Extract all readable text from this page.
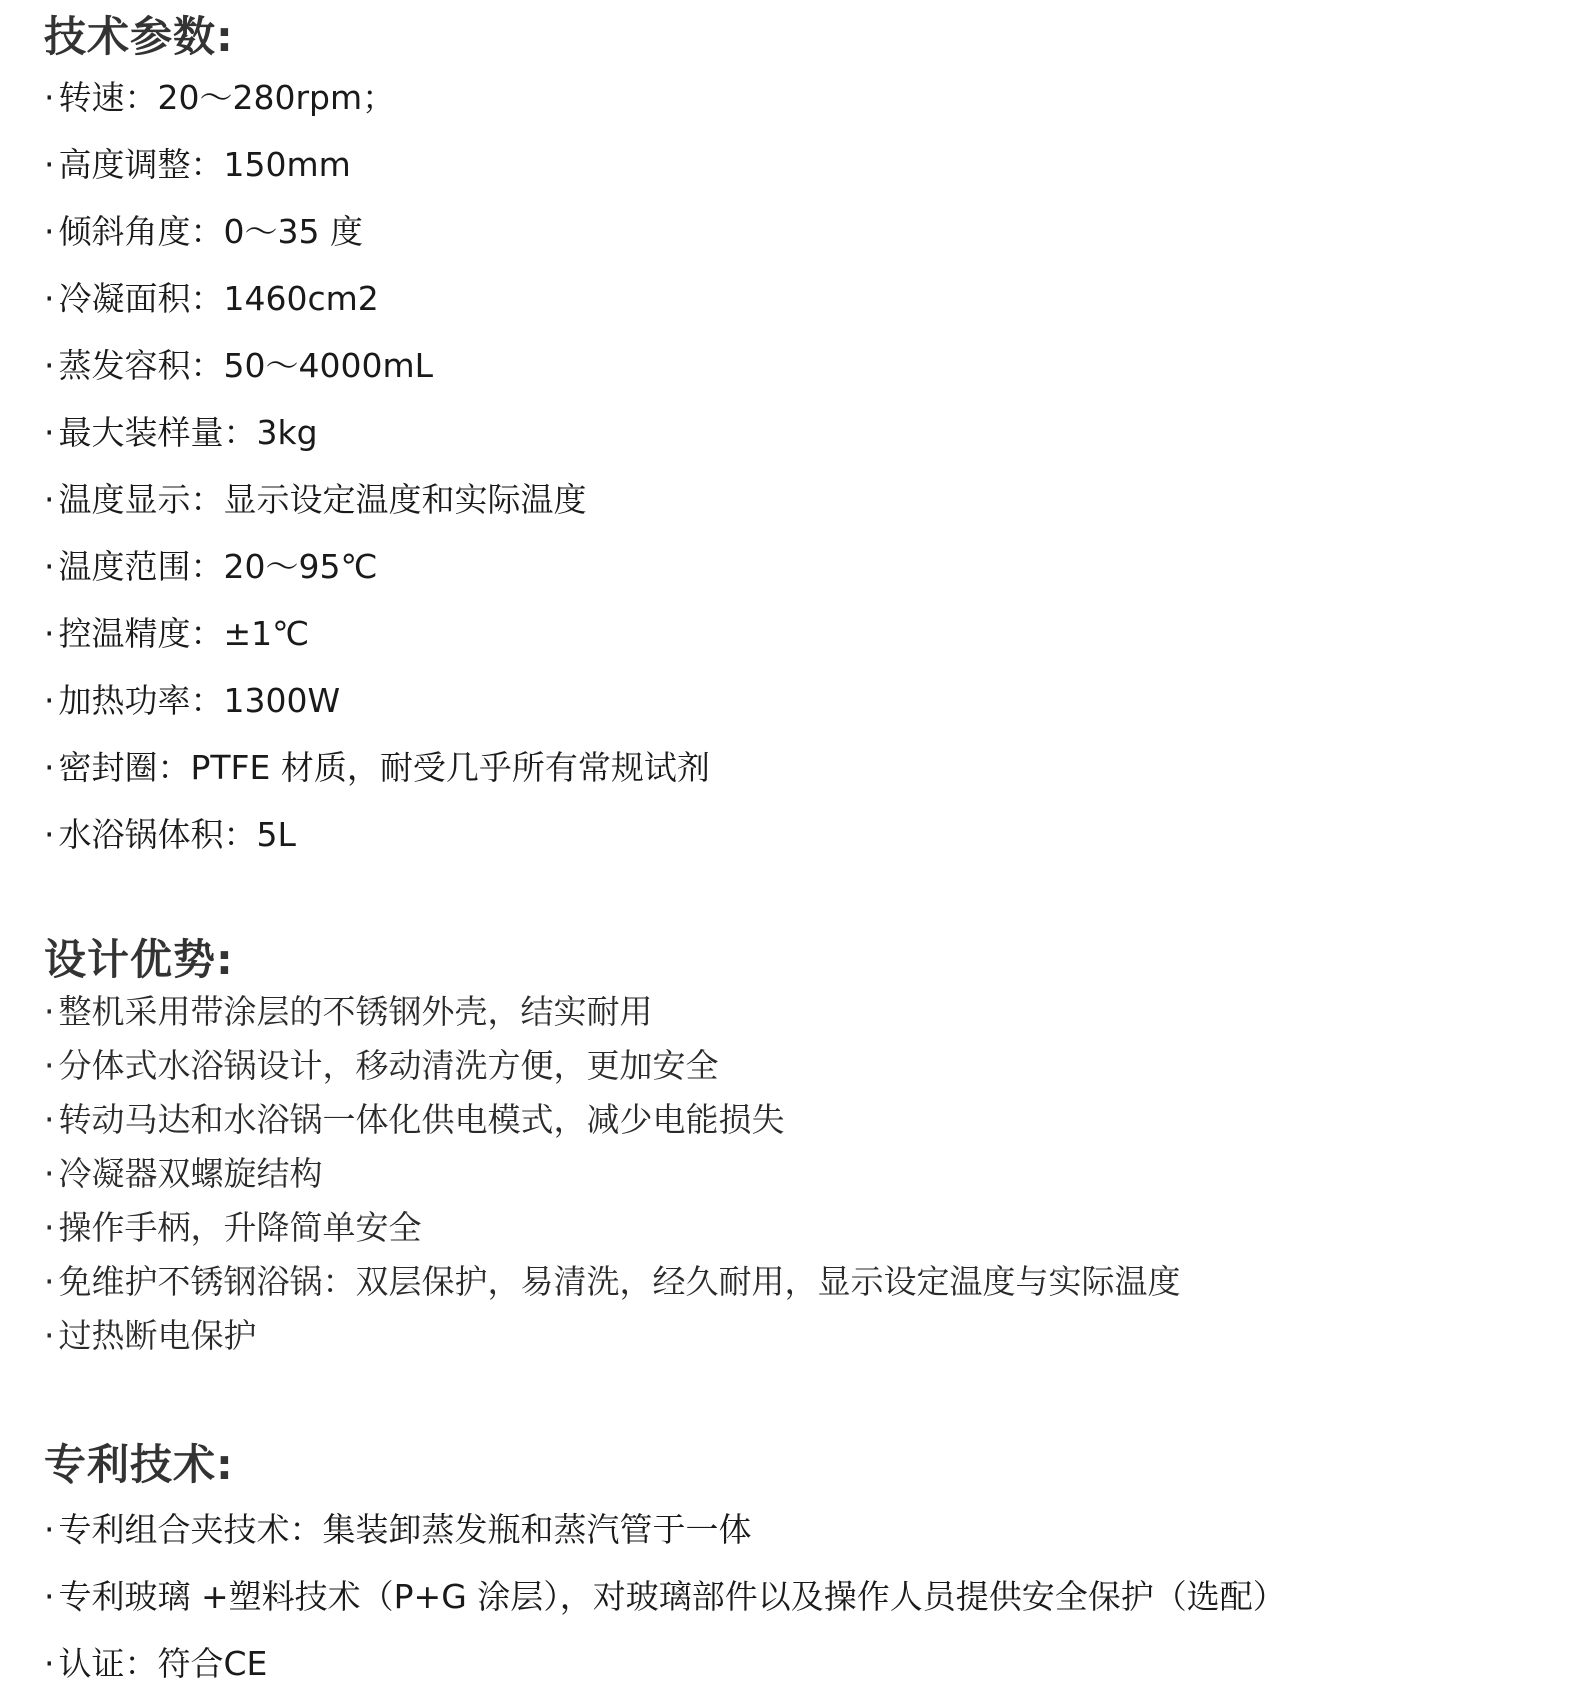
技术参数:
· 转速：20～280rpm；
· 高度调整：150mm
· 倾斜角度：0～35 度
· 冷凝面积：1460cm2
· 蒸发容积：50～4000mL
· 最大装样量：3kg
· 温度显示：显示设定温度和实际温度
· 温度范围：20～95℃
· 控温精度：±1℃
· 加热功率：1300W
· 密封圈：PTFE 材质，耐受几乎所有常规试剂
· 水浴锅体积：5L
设计优势:
· 整机采用带涂层的不锈钢外壳，结实耐用
· 分体式水浴锅设计，移动清洗方便，更加安全
· 转动马达和水浴锅一体化供电模式，减少电能损失
· 冷凝器双螺旋结构
· 操作手柄，升降简单安全
· 免维护不锈钢浴锅：双层保护，易清洗，经久耐用，显示设定温度与实际温度
· 过热断电保护
专利技术:
· 专利组合夹技术：集装卸蒸发瓶和蒸汽管于一体
· 专利玻璃 +塑料技术（P+G 涂层），对玻璃部件以及操作人员提供安全保护（选配）
· 认证：符合CE
